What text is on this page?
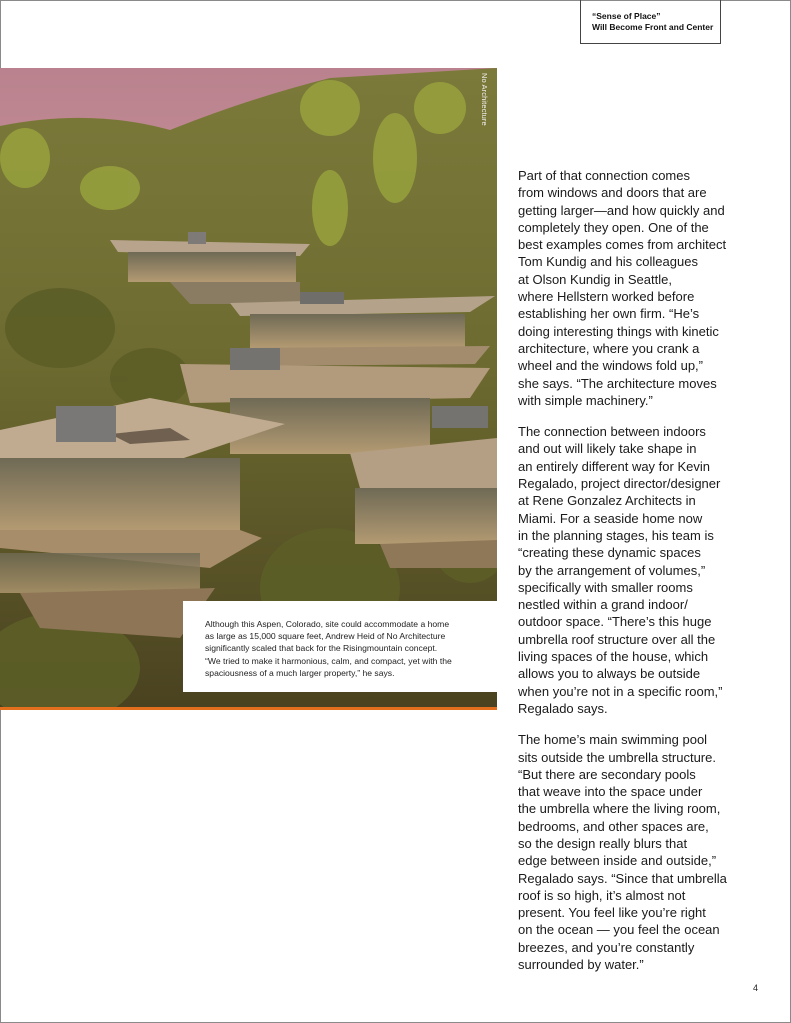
“Sense of Place”
Will Become Front and Center
No Architecture
Although this Aspen, Colorado, site could accommodate a home
as large as 15,000 square feet, Andrew Heid of No Architecture
significantly scaled that back for the Risingmountain concept.
“We tried to make it harmonious, calm, and compact, yet with the
spaciousness of a much larger property,” he says.

Part of that connection comes
from windows and doors that are
getting larger—and how quickly and
completely they open. One of the
best examples comes from architect
Tom Kundig and his colleagues
at Olson Kundig in Seattle,
where Hellstern worked before
establishing her own firm. “He’s
doing interesting things with kinetic
architecture, where you crank a
wheel and the windows fold up,”
she says. “The architecture moves
with simple machinery.”

The connection between indoors
and out will likely take shape in
an entirely different way for Kevin
Regalado, project director/designer
at Rene Gonzalez Architects in
Miami. For a seaside home now
in the planning stages, his team is
“creating these dynamic spaces
by the arrangement of volumes,”
specifically with smaller rooms
nestled within a grand indoor/
outdoor space. “There’s this huge
umbrella roof structure over all the
living spaces of the house, which
allows you to always be outside
when you’re not in a specific room,”
Regalado says.

The home’s main swimming pool
sits outside the umbrella structure.
“But there are secondary pools
that weave into the space under
the umbrella where the living room,
bedrooms, and other spaces are,
so the design really blurs that
edge between inside and outside,”
Regalado says. “Since that umbrella
roof is so high, it’s almost not
present. You feel like you’re right
on the ocean — you feel the ocean
breezes, and you’re constantly
surrounded by water.”

4
